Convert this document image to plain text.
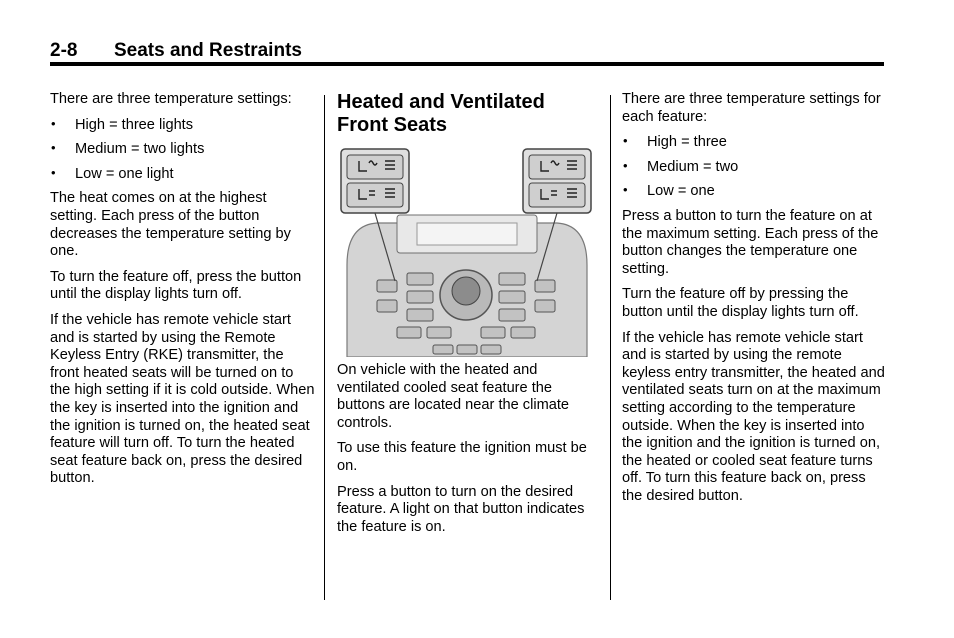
2-8 Seats and Restraints

There are three temperature settings:

• High = three lights
• Medium = two lights
• Low = one light

The heat comes on at the highest setting. Each press of the button decreases the temperature setting by one.

To turn the feature off, press the button until the display lights turn off.

If the vehicle has remote vehicle start and is started by using the Remote Keyless Entry (RKE) transmitter, the front heated seats will be turned on to the high setting if it is cold outside. When the key is inserted into the ignition and the ignition is turned on, the heated seat feature will turn off. To turn the heated seat feature back on, press the desired button.

Heated and Ventilated Front Seats

On vehicle with the heated and ventilated cooled seat feature the buttons are located near the climate controls.

To use this feature the ignition must be on.

Press a button to turn on the desired feature. A light on that button indicates the feature is on.

There are three temperature settings for each feature:

• High = three
• Medium = two
• Low = one

Press a button to turn the feature on at the maximum setting. Each press of the button changes the temperature one setting.

Turn the feature off by pressing the button until the display lights turn off.

If the vehicle has remote vehicle start and is started by using the remote keyless entry transmitter, the heated and ventilated seats turn on at the maximum setting according to the temperature outside. When the key is inserted into the ignition and the ignition is turned on, the heated or cooled seat feature turns off. To turn this feature back on, press the desired button.
